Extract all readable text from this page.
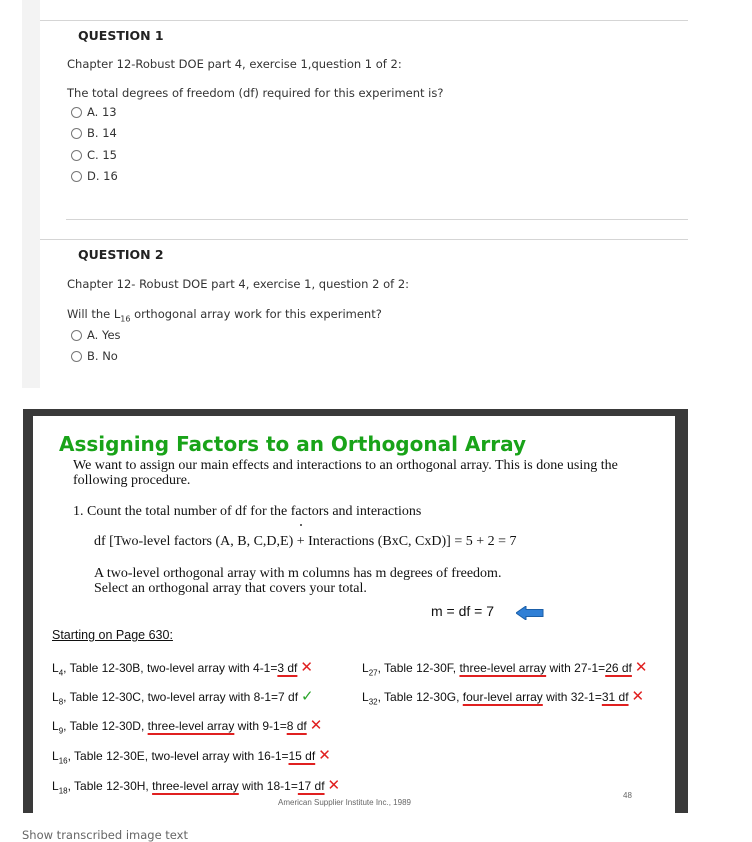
QUESTION 1
Chapter 12-Robust DOE part 4, exercise 1,question 1 of 2:
The total degrees of freedom (df) required for this experiment is?
A. 13
B. 14
C. 15
D. 16
QUESTION 2
Chapter 12- Robust DOE part 4, exercise 1, question 2 of 2:
Will the $L_{16}$ orthogonal array work for this experiment?
A. Yes
B. No
Assigning Factors to an Orthogonal Array
We want to assign our main effects and interactions to an orthogonal array. This is done using the following procedure.
1. Count the total number of df for the factors and interactions
df [Two-level factors (A, B, C,D,E) + Interactions (BxC, CxD)] = 5 + 2 = 7
A two-level orthogonal array with m columns has m degrees of freedom.
Select an orthogonal array that covers your total.
m = df = 7
Starting on Page 630:
$L_4$, Table 12-30B, two-level array with 4-1=3 df ✕
$L_8$, Table 12-30C, two-level array with 8-1=7 df ✓
$L_9$, Table 12-30D, three-level array with 9-1=8 df ✕
$L_{16}$, Table 12-30E, two-level array with 16-1=15 df ✕
$L_{18}$, Table 12-30H, three-level array with 18-1=17 df ✕
$L_{27}$, Table 12-30F, three-level array with 27-1=26 df ✕
$L_{32}$, Table 12-30G, four-level array with 32-1=31 df ✕
48
American Supplier Institute Inc., 1989
Show transcribed image text
